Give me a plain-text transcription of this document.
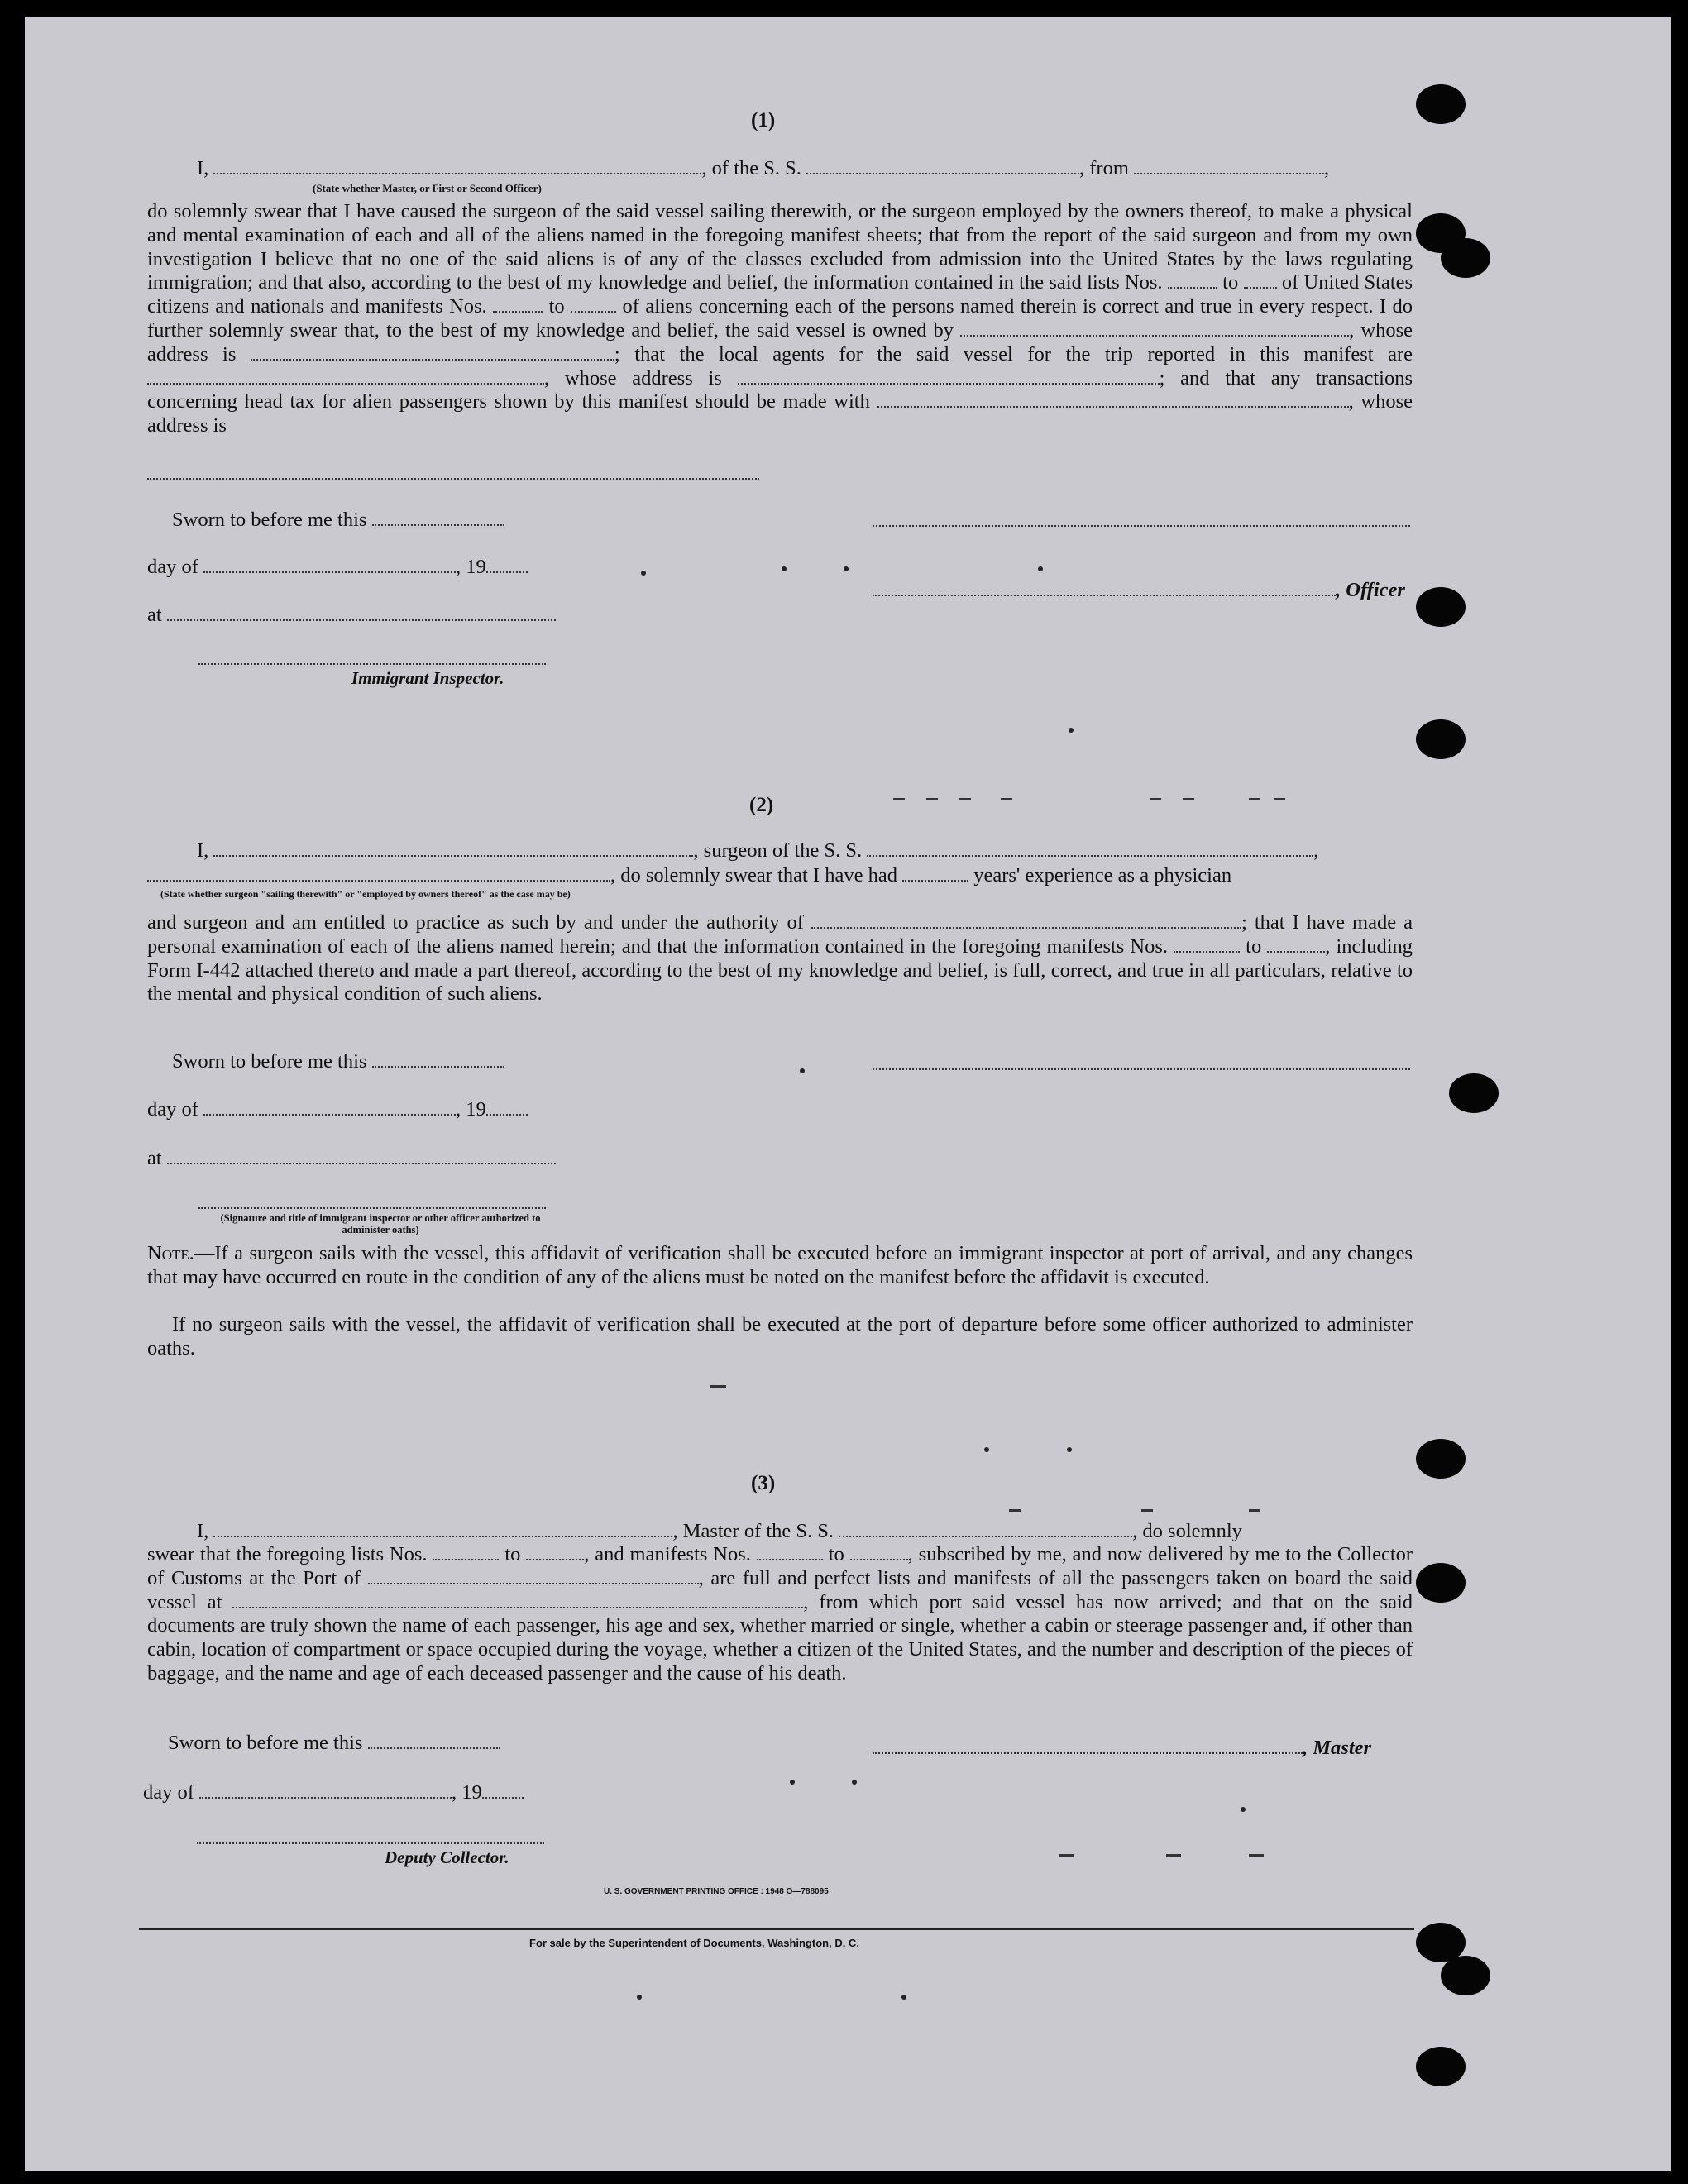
(1)
I,	, of the S. S.	, from	,
(State whether Master, or First or Second Officer)
do solemnly swear that I have caused the surgeon of the said vessel sailing therewith, or the surgeon employed by the owners thereof, to make a physical and mental examination of each and all of the aliens named in the foregoing manifest sheets; that from the report of the said surgeon and from my own investigation I believe that no one of the said aliens is of any of the classes excluded from admission into the United States by the laws regulating immigration; and that also, according to the best of my knowledge and belief, the information contained in the said lists Nos.	to of United States citizens and nationals and manifests Nos.	to	of aliens concerning each of the persons named therein is correct and true in every respect. I do further solemnly swear that, to the best of my knowledge and belief, the said vessel is owned by	, whose address is	; that the local agents for the said vessel for the trip reported in this manifest are , whose address is	; and that any transactions concerning head tax for alien passengers shown by this manifest should be made with	, whose address is
Sworn to before me this
day of	, 19
, Officer
at
Immigrant Inspector.
(2)
I,	, surgeon of the S. S.	,
, do solemnly swear that I have had	years' experience as a physician
(State whether surgeon "sailing therewith" or "employed by owners thereof" as the case may be)
and surgeon and am entitled to practice as such by and under the authority of	; that I have made a personal examination of each of the aliens named herein; and that the information contained in the foregoing manifests Nos.	to	, including Form I-442 attached thereto and made a part thereof, according to the best of my knowledge and belief, is full, correct, and true in all particulars, relative to the mental and physical condition of such aliens.
Sworn to before me this
day of	, 19
at
(Signature and title of immigrant inspector or other officer authorized to administer oaths)
Note.—If a surgeon sails with the vessel, this affidavit of verification shall be executed before an immigrant inspector at port of arrival, and any changes that may have occurred en route in the condition of any of the aliens must be noted on the manifest before the affidavit is executed.
If no surgeon sails with the vessel, the affidavit of verification shall be executed at the port of departure before some officer authorized to administer oaths.
(3)
I,	, Master of the S. S.	, do solemnly
swear that the foregoing lists Nos.	to	, and manifests Nos.	to	, subscribed by me, and now delivered by me to the Collector of Customs at the Port of	, are full and perfect lists and manifests of all the passengers taken on board the said vessel at	, from which port said vessel has now arrived; and that on the said documents are truly shown the name of each passenger, his age and sex, whether married or single, whether a cabin or steerage passenger and, if other than cabin, location of compartment or space occupied during the voyage, whether a citizen of the United States, and the number and description of the pieces of baggage, and the name and age of each deceased passenger and the cause of his death.
Sworn to before me this	, Master
day of	, 19
Deputy Collector.
U. S. GOVERNMENT PRINTING OFFICE : 1948 O—788095
For sale by the Superintendent of Documents, Washington, D. C.
